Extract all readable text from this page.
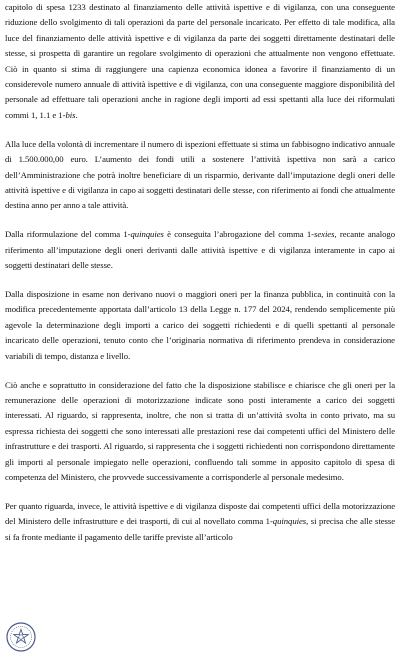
capitolo di spesa 1233 destinato al finanziamento delle attività ispettive e di vigilanza, con una conseguente riduzione dello svolgimento di tali operazioni da parte del personale incaricato. Per effetto di tale modifica, alla luce del finanziamento delle attività ispettive e di vigilanza da parte dei soggetti direttamente destinatari delle stesse, si prospetta di garantire un regolare svolgimento di operazioni che attualmente non vengono effettuate. Ciò in quanto si stima di raggiungere una capienza economica idonea a favorire il finanziamento di un considerevole numero annuale di attività ispettive e di vigilanza, con una conseguente maggiore disponibilità del personale ad effettuare tali operazioni anche in ragione degli importi ad essi spettanti alla luce dei riformulati commi 1, 1.1 e 1-bis.

Alla luce della volontà di incrementare il numero di ispezioni effettuate si stima un fabbisogno indicativo annuale di 1.500.000,00 euro. L’aumento dei fondi utili a sostenere l’attività ispettiva non sarà a carico dell’Amministrazione che potrà inoltre beneficiare di un risparmio, derivante dall’imputazione degli oneri delle attività ispettive e di vigilanza in capo ai soggetti destinatari delle stesse, con riferimento ai fondi che attualmente destina anno per anno a tale attività.

Dalla riformulazione del comma 1-quinquies è conseguita l’abrogazione del comma 1-sexies, recante analogo riferimento all’imputazione degli oneri derivanti dalle attività ispettive e di vigilanza interamente in capo ai soggetti destinatari delle stesse.

Dalla disposizione in esame non derivano nuovi o maggiori oneri per la finanza pubblica, in continuità con la modifica precedentemente apportata dall’articolo 13 della Legge n. 177 del 2024, rendendo semplicemente più agevole la determinazione degli importi a carico dei soggetti richiedenti e di quelli spettanti al personale incaricato delle operazioni, tenuto conto che l’originaria normativa di riferimento prendeva in considerazione variabili di tempo, distanza e livello.

Ciò anche e soprattutto in considerazione del fatto che la disposizione stabilisce e chiarisce che gli oneri per la remunerazione delle operazioni di motorizzazione indicate sono posti interamente a carico dei soggetti interessati. Al riguardo, si rappresenta, inoltre, che non si tratta di un’attività svolta in conto privato, ma su espressa richiesta dei soggetti che sono interessati alle prestazioni rese dai competenti uffici del Ministero delle infrastrutture e dei trasporti. Al riguardo, si rappresenta che i soggetti richiedenti non corrispondono direttamente gli importi al personale impiegato nelle operazioni, confluendo tali somme in apposito capitolo di spesa di competenza del Ministero, che provvede successivamente a corrisponderle al personale medesimo.

Per quanto riguarda, invece, le attività ispettive e di vigilanza disposte dai competenti uffici della motorizzazione del Ministero delle infrastrutture e dei trasporti, di cui al novellato comma 1-quinquies, si precisa che alle stesse si fa fronte mediante il pagamento delle tariffe previste all’articolo
